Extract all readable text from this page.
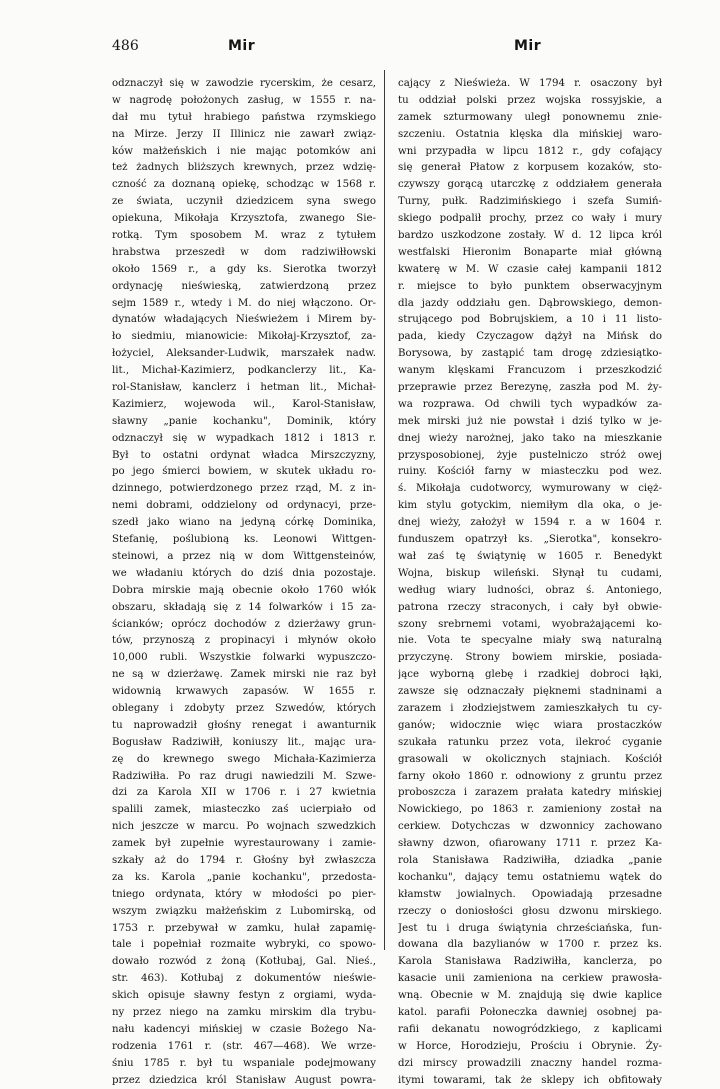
486	Mir	Mir
odznaczył się w zawodzie rycerskim, że cesarz,
w nagrodę położonych zasług, w 1555 r. na-
dał mu tytuł hrabiego państwa rzymskiego
na Mirze. Jerzy II Illinicz nie zawarł związ-
ków małżeńskich i nie mając potomków ani
też żadnych bliższych krewnych, przez wdzię-
czność za doznaną opiekę, schodząc w 1568 r.
ze świata, uczynił dziedzicem syna swego
opiekuna, Mikołaja Krzysztofa, zwanego Sie-
rotką. Tym sposobem M. wraz z tytułem
hrabstwa przeszedł w dom radziwiłłowski
około 1569 r., a gdy ks. Sierotka tworzył
ordynację nieświeską, zatwierdzoną przez
sejm 1589 r., wtedy i M. do niej włączono. Or-
dynatów władających Nieświeżem i Mirem by-
ło siedmiu, mianowicie: Mikołaj-Krzysztof, za-
łożyciel, Aleksander-Ludwik, marszałek nadw.
lit., Michał-Kazimierz, podkanclerzy lit., Ka-
rol-Stanisław, kanclerz i hetman lit., Michał-
Kazimierz, wojewoda wil., Karol-Stanisław,
sławny „panie kochanku", Dominik, który
odznaczył się w wypadkach 1812 i 1813 r.
Był to ostatni ordynat władca Mirszczyzny,
po jego śmierci bowiem, w skutek układu ro-
dzinnego, potwierdzonego przez rząd, M. z in-
nemi dobrami, oddzielony od ordynacyi, prze-
szedł jako wiano na jedyną córkę Dominika,
Stefanię, poślubioną ks. Leonowi Wittgen-
steinowi, a przez nią w dom Wittgensteinów,
we władaniu których do dziś dnia pozostaje.
Dobra mirskie mają obecnie około 1760 włók
obszaru, składają się z 14 folwarków i 15 za-
ścianków; oprócz dochodów z dzierżawy grun-
tów, przynoszą z propinacyi i młynów około
10,000 rubli. Wszystkie folwarki wypuszczo-
ne są w dzierżawę. Zamek mirski nie raz był
widownią krwawych zapasów. W 1655 r.
oblegany i zdobyty przez Szwedów, których
tu naprowadził głośny renegat i awanturnik
Bogusław Radziwiłł, koniuszy lit., mając ura-
zę do krewnego swego Michała-Kazimierza
Radziwiłła. Po raz drugi nawiedzili M. Szwe-
dzi za Karola XII w 1706 r. i 27 kwietnia
spalili zamek, miasteczko zaś ucierpiało od
nich jeszcze w marcu. Po wojnach szwedzkich
zamek był zupełnie wyrestaurowany i zamie-
szkały aż do 1794 r. Głośny był zwłaszcza
za ks. Karola „panie kochanku", przedosta-
tniego ordynata, który w młodości po pier-
wszym związku małżeńskim z Lubomirską, od
1753 r. przebywał w zamku, hulał zapamię-
tale i popełniał rozmaite wybryki, co spowo-
dowało rozwód z żoną (Kotłubaj, Gal. Nieś.,
str. 463). Kotłubaj z dokumentów nieświe-
skich opisuje sławny festyn z orgiami, wyda-
ny przez niego na zamku mirskim dla trybu-
nału kadencyi mińskiej w czasie Bożego Na-
rodzenia 1761 r. (str. 467—468). We wrze-
śniu 1785 r. był tu wspaniale podejmowany
przez dziedzica król Stanisław August powra-
cający z Nieświeża. W 1794 r. osaczony był
tu oddział polski przez wojska rossyjskie, a
zamek szturmowany uległ ponownemu znie-
szczeniu. Ostatnia klęska dla mińskiej waro-
wni przypadła w lipcu 1812 r., gdy cofający
się generał Płatow z korpusem kozaków, sto-
czywszy gorącą utarczkę z oddziałem generała
Turny, pułk. Radzimińskiego i szefa Sumiń-
skiego podpalił prochy, przez co wały i mury
bardzo uszkodzone zostały. W d. 12 lipca król
westfalski Hieronim Bonaparte miał główną
kwaterę w M. W czasie całej kampanii 1812
r. miejsce to było punktem obserwacyjnym
dla jazdy oddziału gen. Dąbrowskiego, demon-
strującego pod Bobrujskiem, a 10 i 11 listo-
pada, kiedy Czyczagow dążył na Mińsk do
Borysowa, by zastąpić tam drogę zdziesiątko-
wanym klęskami Francuzom i przeszkodzić
przeprawie przez Berezynę, zaszła pod M. ży-
wa rozprawa. Od chwili tych wypadków za-
mek mirski już nie powstał i dziś tylko w je-
dnej wieży narożnej, jako tako na mieszkanie
przysposobionej, żyje pustelniczo stróż owej
ruiny. Kościół farny w miasteczku pod wez.
ś. Mikołaja cudotworcy, wymurowany w cięż-
kim stylu gotyckim, niemiłym dla oka, o je-
dnej wieży, założył w 1594 r. a w 1604 r.
funduszem opatrzył ks. „Sierotka", konsekro-
wał zaś tę świątynię w 1605 r. Benedykt
Wojna, biskup wileński. Słynął tu cudami,
według wiary ludności, obraz ś. Antoniego,
patrona rzeczy straconych, i cały był obwie-
szony srebrnemi votami, wyobrażającemi ko-
nie. Vota te specyalne miały swą naturalną
przyczynę. Strony bowiem mirskie, posiada-
jące wyborną glebę i rzadkiej dobroci łąki,
zawsze się odznaczały pięknemi stadninami a
zarazem i złodziejstwem zamieszkałych tu cy-
ganów; widocznie więc wiara prostaczków
szukała ratunku przez vota, ilekroć cyganie
grasowali w okolicznych stajniach. Kościół
farny około 1860 r. odnowiony z gruntu przez
proboszcza i zarazem prałata katedry mińskiej
Nowickiego, po 1863 r. zamieniony został na
cerkiew. Dotychczas w dzwonnicy zachowano
sławny dzwon, ofiarowany 1711 r. przez Ka-
rola Stanisława Radziwiłła, dziadka „panie
kochanku", dający temu ostatniemu wątek do
kłamstw jowialnych. Opowiadają przesadne
rzeczy o doniosłości głosu dzwonu mirskiego.
Jest tu i druga świątynia chrześciańska, fun-
dowana dla bazylianów w 1700 r. przez ks.
Karola Stanisława Radziwiłła, kanclerza, po
kasacie unii zamieniona na cerkiew prawosła-
wną. Obecnie w M. znajdują się dwie kaplice
katol. parafii Połoneczka dawniej osobnej pa-
rafii dekanatu nowogródzkiego, z kaplicami
w Horce, Horodzieju, Prościu i Obrynie. Ży-
dzi mirscy prowadzili znaczny handel rozma-
itymi towarami, tak że sklepy ich obfitowały
